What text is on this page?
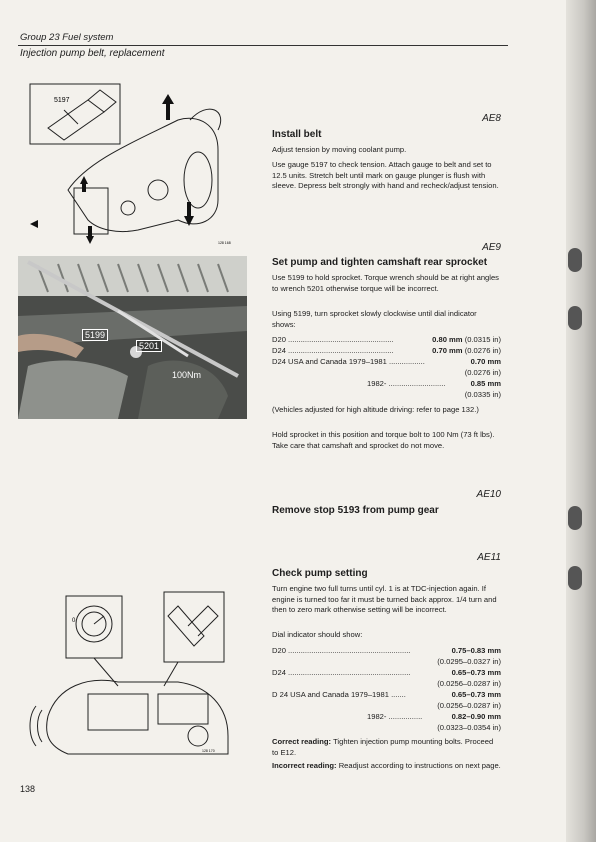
Group 23 Fuel system
Injection pump belt, replacement
5197
128 168
5199
5201
100Nm
0
128 170
AE8
Install belt

Adjust tension by moving coolant pump.

Use gauge 5197 to check tension. Attach gauge to belt and set to 12.5 units. Stretch belt until mark on gauge plunger is flush with sleeve. Depress belt strongly with hand and recheck/adjust tension.

AE9
Set pump and tighten camshaft rear sprocket

Use 5199 to hold sprocket. Torque wrench should be at right angles to wrench 5201 otherwise torque will be incorrect.

Using 5199, turn sprocket slowly clockwise until dial indicator shows:

D20 ..................................................	0.80 mm (0.0315 in)
D24 ..................................................	0.70 mm (0.0276 in)
D24 USA and Canada 1979–1981 .................	0.70 mm
(0.0276 in)
1982- ...........................	0.85 mm
(0.0335 in)

(Vehicles adjusted for high altitude driving: refer to page 132.)

Hold sprocket in this position and torque bolt to 100 Nm (73 ft lbs). Take care that camshaft and sprocket do not move.

AE10
Remove stop 5193 from pump gear
AE11
Check pump setting

Turn engine two full turns until cyl. 1 is at TDC-injection again. If engine is turned too far it must be turned back approx. 1/4 turn and then to zero mark otherwise setting will be incorrect.

Dial indicator should show:

D20 ..........................................................	0.75–0.83 mm
(0.0295–0.0327 in)
D24 ..........................................................	0.65–0.73 mm
(0.0256–0.0287 in)
D 24 USA and Canada 1979–1981 .......	0.65–0.73 mm
(0.0256–0.0287 in)
1982- ................	0.82–0.90 mm
(0.0323–0.0354 in)

Correct reading: Tighten injection pump mounting bolts. Proceed to E12.

Incorrect reading: Readjust according to instructions on next page.

138
